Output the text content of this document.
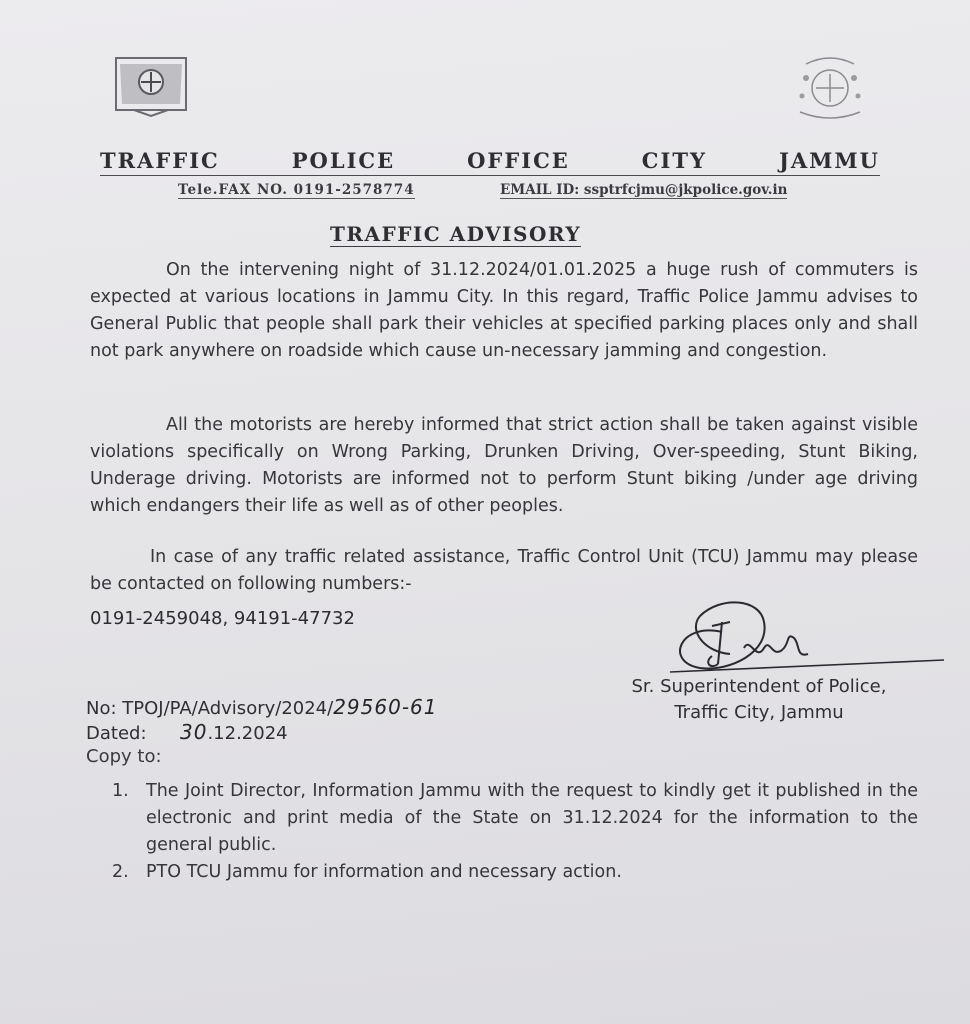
TRAFFIC	POLICE	OFFICE	CITY	JAMMU
Tele.FAX NO. 0191-2578774	EMAIL ID: ssptrfcjmu@jkpolice.gov.in
TRAFFIC ADVISORY

On the intervening night of 31.12.2024/01.01.2025 a huge rush of commuters is expected at various locations in Jammu City. In this regard, Traffic Police Jammu advises to General Public that people shall park their vehicles at specified parking places only and shall not park anywhere on roadside which cause un-necessary jamming and congestion.

All the motorists are hereby informed that strict action shall be taken against visible violations specifically on Wrong Parking, Drunken Driving, Over-speeding, Stunt Biking, Underage driving. Motorists are informed not to perform Stunt biking /under age driving which endangers their life as well as of other peoples.

In case of any traffic related assistance, Traffic Control Unit (TCU) Jammu may please be contacted on following numbers:-

0191-2459048, 94191-47732
Sr. Superintendent of Police,
Traffic City, Jammu
No: TPOJ/PA/Advisory/2024/29560-61
Dated: 30.12.2024
Copy to:
1. The Joint Director, Information Jammu with the request to kindly get it published in the electronic and print media of the State on 31.12.2024 for the information to the general public.
2. PTO TCU Jammu for information and necessary action.
